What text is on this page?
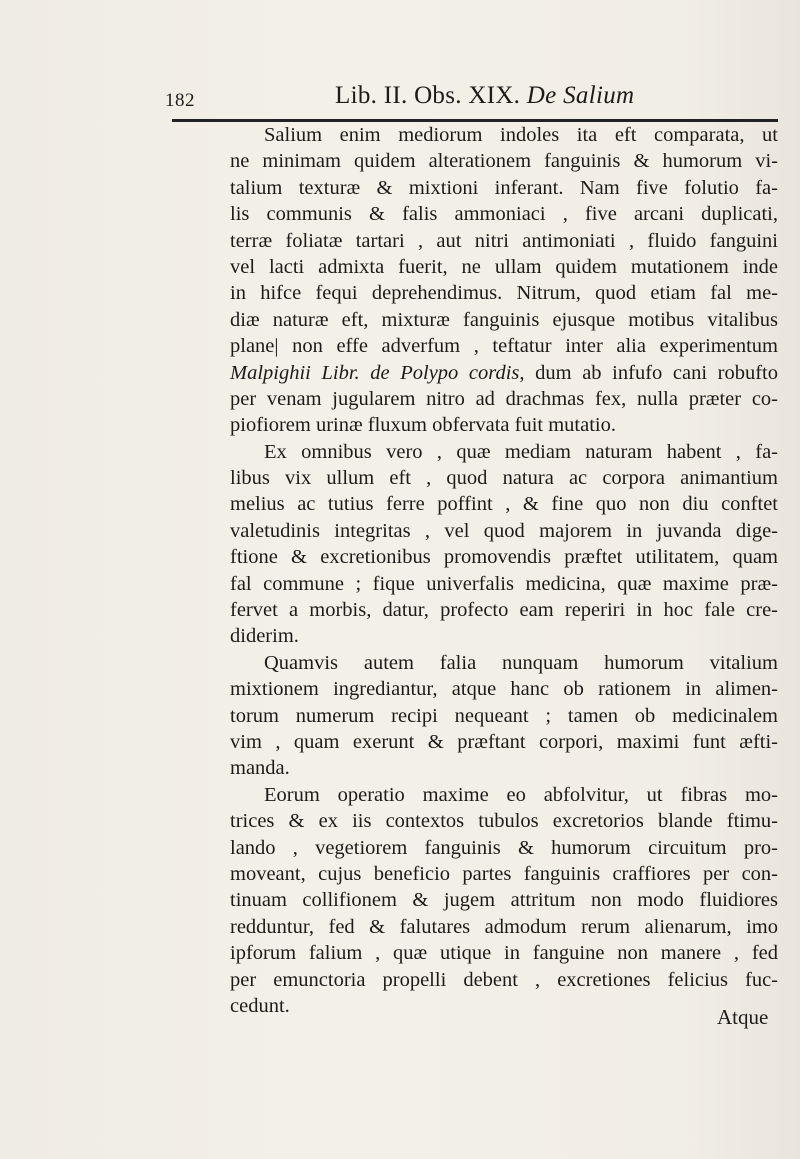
182	Lib. II. Obs. XIX. De Salium
Salium enim mediorum indoles ita eft comparata, ut
ne minimam quidem alterationem fanguinis & humorum vi-
talium texturæ & mixtioni inferant. Nam five folutio fa-
lis communis & falis ammoniaci , five arcani duplicati,
terræ foliatæ tartari , aut nitri antimoniati , fluido fanguini
vel lacti admixta fuerit, ne ullam quidem mutationem inde
in hifce fequi deprehendimus. Nitrum, quod etiam fal me-
diæ naturæ eft, mixturæ fanguinis ejusque motibus vitalibus
plane| non effe adverfum , teftatur inter alia experimentum
Malpighii Libr. de Polypo cordis, dum ab infufo cani robufto
per venam jugularem nitro ad drachmas fex, nulla præter co-
piofiorem urinæ fluxum obfervata fuit mutatio.
Ex omnibus vero , quæ mediam naturam habent , fa-
libus vix ullum eft , quod natura ac corpora animantium
melius ac tutius ferre poffint , & fine quo non diu conftet
valetudinis integritas , vel quod majorem in juvanda dige-
ftione & excretionibus promovendis præftet utilitatem, quam
fal commune ; fique univerfalis medicina, quæ maxime præ-
fervet a morbis, datur, profecto eam reperiri in hoc fale cre-
diderim.
Quamvis autem falia nunquam humorum vitalium
mixtionem ingrediantur, atque hanc ob rationem in alimen-
torum numerum recipi nequeant ; tamen ob medicinalem
vim , quam exerunt & præftant corpori, maximi funt æfti-
manda.
Eorum operatio maxime eo abfolvitur, ut fibras mo-
trices & ex iis contextos tubulos excretorios blande ftimu-
lando , vegetiorem fanguinis & humorum circuitum pro-
moveant, cujus beneficio partes fanguinis craffiores per con-
tinuam collifionem & jugem attritum non modo fluidiores
redduntur, fed & falutares admodum rerum alienarum, imo
ipforum falium , quæ utique in fanguine non manere , fed
per emunctoria propelli debent , excretiones felicius fuc-
cedunt.	Atque
